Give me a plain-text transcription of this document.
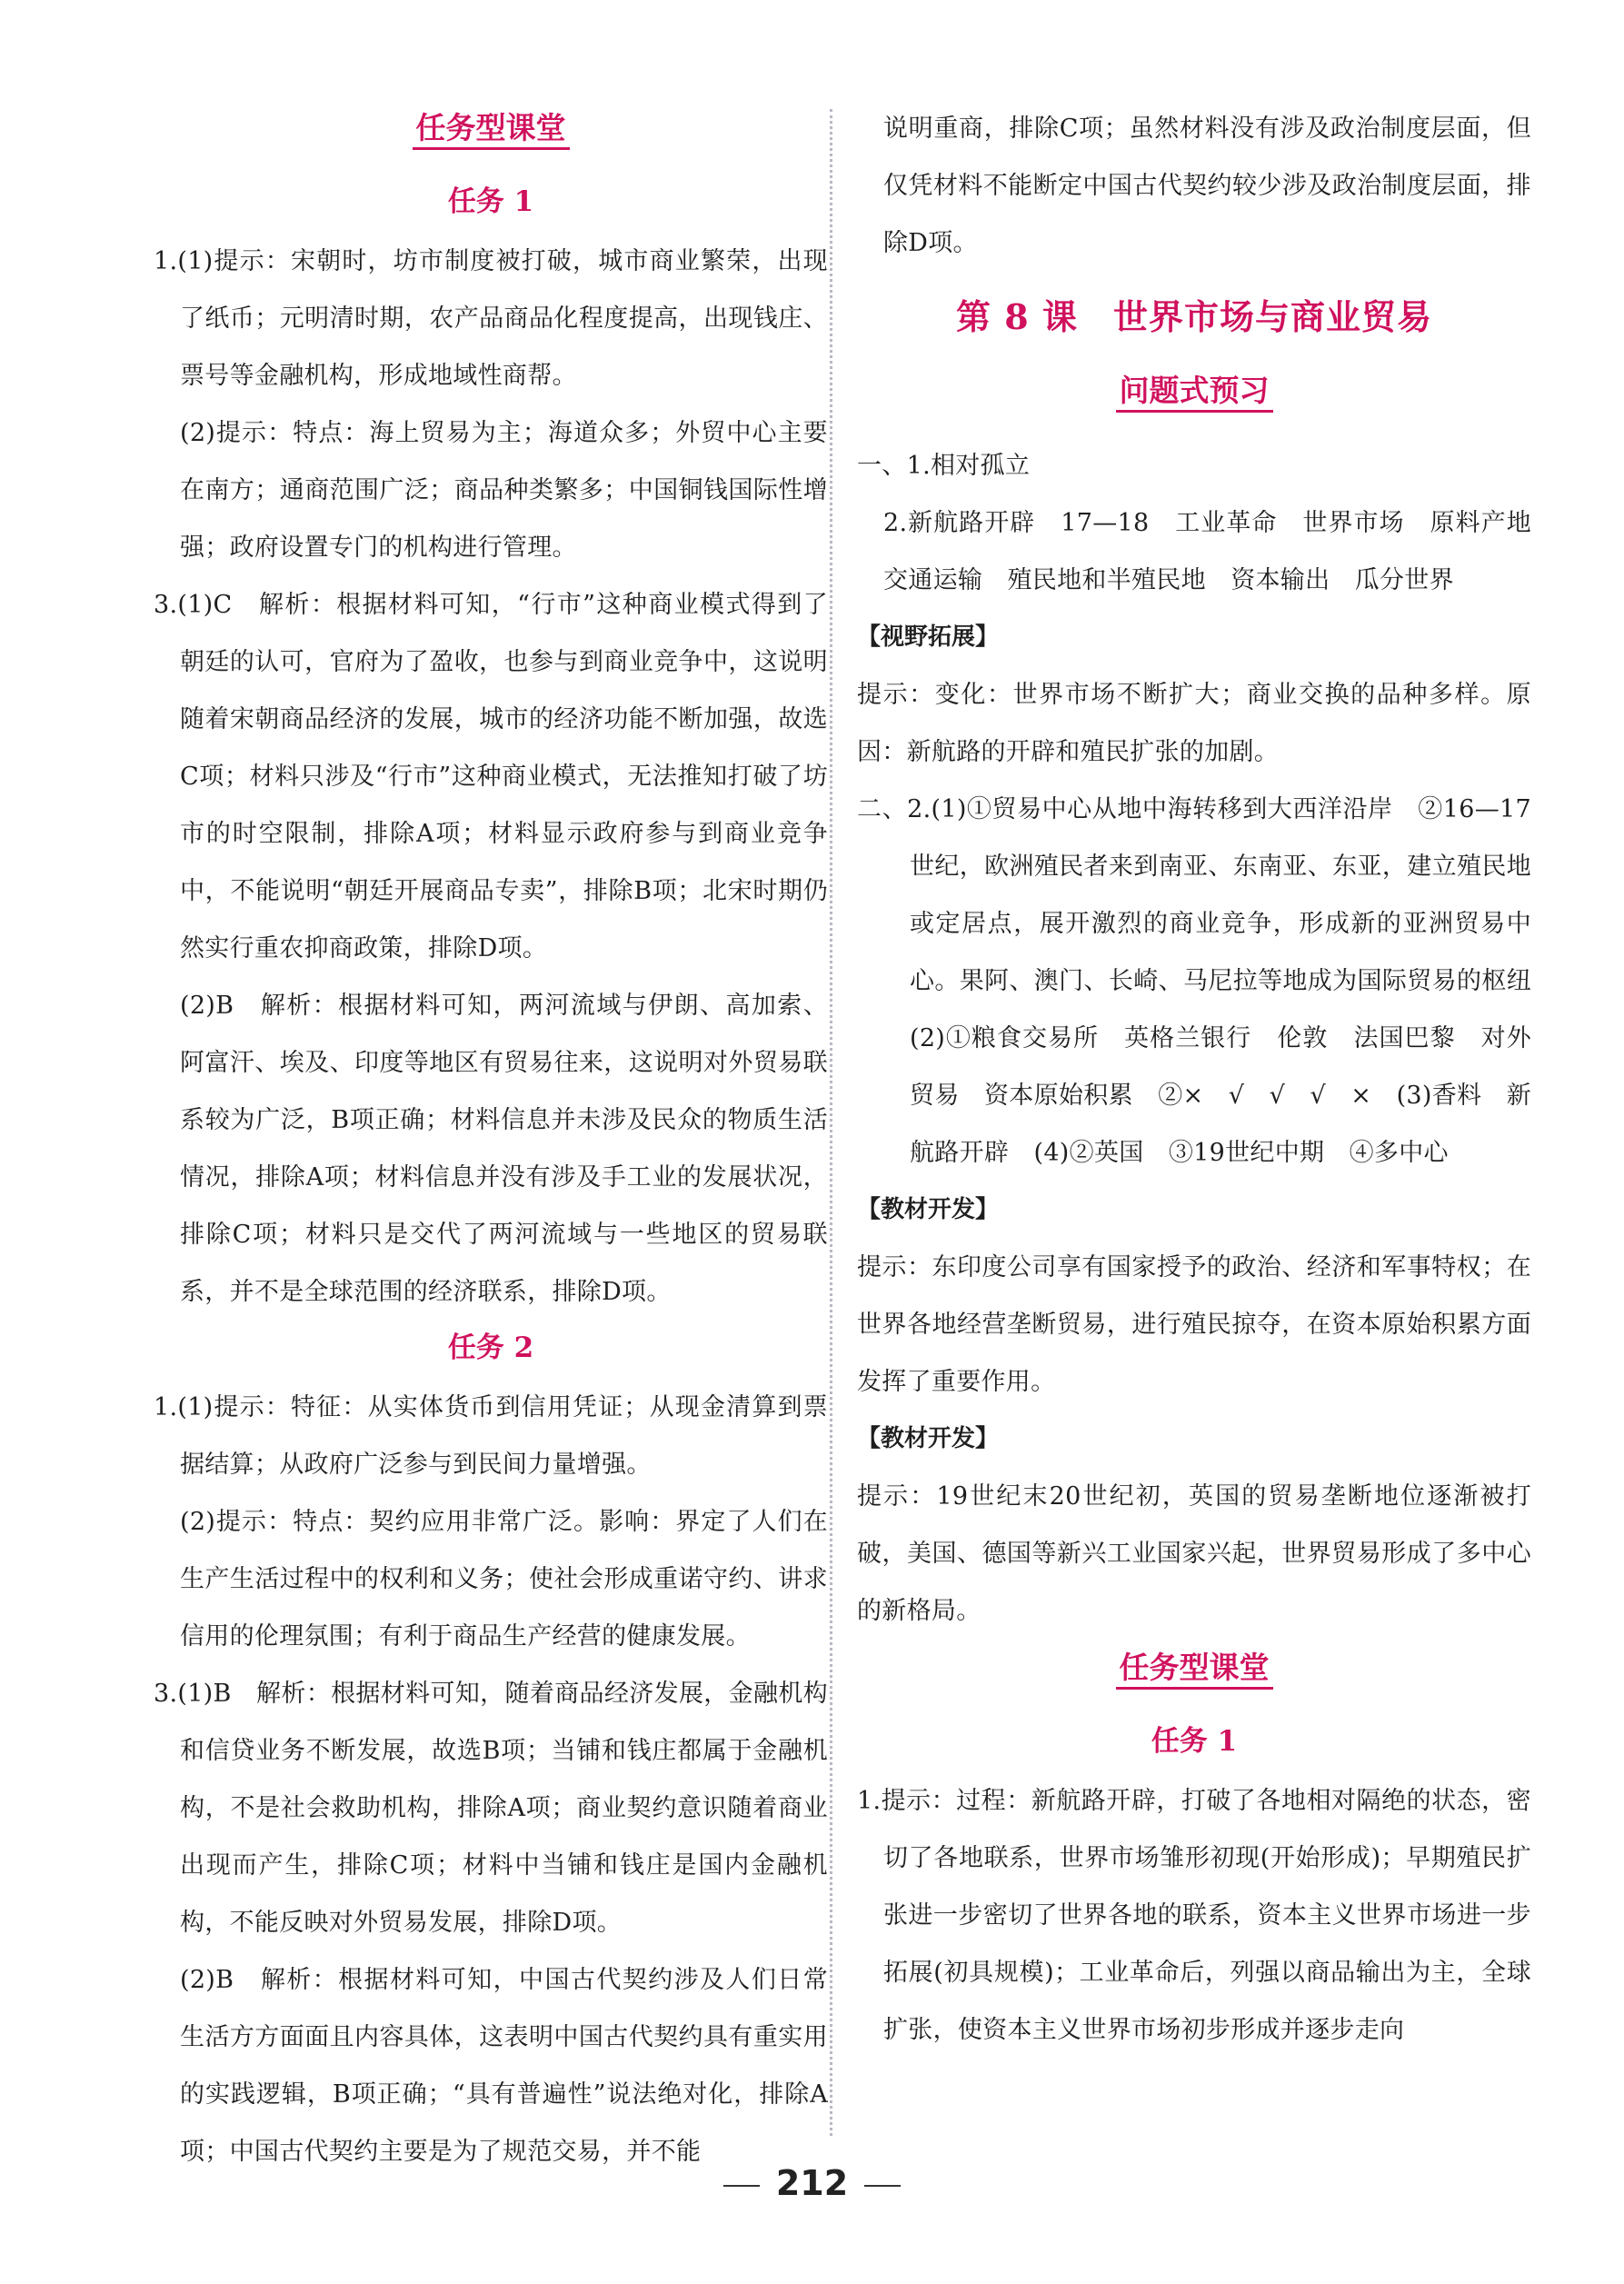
任务型课堂
任务 1

1.(1)提示：宋朝时，坊市制度被打破，城市商业繁荣，出现了纸币；元明清时期，农产品商品化程度提高，出现钱庄、票号等金融机构，形成地域性商帮。

(2)提示：特点：海上贸易为主；海道众多；外贸中心主要在南方；通商范围广泛；商品种类繁多；中国铜钱国际性增强；政府设置专门的机构进行管理。

3.(1)C　解析：根据材料可知，“行市”这种商业模式得到了朝廷的认可，官府为了盈收，也参与到商业竞争中，这说明随着宋朝商品经济的发展，城市的经济功能不断加强，故选C项；材料只涉及“行市”这种商业模式，无法推知打破了坊市的时空限制，排除A项；材料显示政府参与到商业竞争中，不能说明“朝廷开展商品专卖”，排除B项；北宋时期仍然实行重农抑商政策，排除D项。

(2)B　解析：根据材料可知，两河流域与伊朗、高加索、阿富汗、埃及、印度等地区有贸易往来，这说明对外贸易联系较为广泛，B项正确；材料信息并未涉及民众的物质生活情况，排除A项；材料信息并没有涉及手工业的发展状况，排除C项；材料只是交代了两河流域与一些地区的贸易联系，并不是全球范围的经济联系，排除D项。

任务 2

1.(1)提示：特征：从实体货币到信用凭证；从现金清算到票据结算；从政府广泛参与到民间力量增强。

(2)提示：特点：契约应用非常广泛。影响：界定了人们在生产生活过程中的权利和义务；使社会形成重诺守约、讲求信用的伦理氛围；有利于商品生产经营的健康发展。

3.(1)B　解析：根据材料可知，随着商品经济发展，金融机构和信贷业务不断发展，故选B项；当铺和钱庄都属于金融机构，不是社会救助机构，排除A项；商业契约意识随着商业出现而产生，排除C项；材料中当铺和钱庄是国内金融机构，不能反映对外贸易发展，排除D项。

(2)B　解析：根据材料可知，中国古代契约涉及人们日常生活方方面面且内容具体，这表明中国古代契约具有重实用的实践逻辑，B项正确；“具有普遍性”说法绝对化，排除A项；中国古代契约主要是为了规范交易，并不能

说明重商，排除C项；虽然材料没有涉及政治制度层面，但仅凭材料不能断定中国古代契约较少涉及政治制度层面，排除D项。

第 8 课　世界市场与商业贸易
问题式预习

一、1.相对孤立

2.新航路开辟　17—18　工业革命　世界市场　原料产地　交通运输　殖民地和半殖民地　资本输出　瓜分世界

【视野拓展】

提示：变化：世界市场不断扩大；商业交换的品种多样。原因：新航路的开辟和殖民扩张的加剧。

二、2.(1)①贸易中心从地中海转移到大西洋沿岸　②16—17世纪，欧洲殖民者来到南亚、东南亚、东亚，建立殖民地或定居点，展开激烈的商业竞争，形成新的亚洲贸易中心。果阿、澳门、长崎、马尼拉等地成为国际贸易的枢纽　(2)①粮食交易所　英格兰银行　伦敦　法国巴黎　对外贸易　资本原始积累　②×　√　√　√　×　(3)香料　新航路开辟　(4)②英国　③19世纪中期　④多中心

【教材开发】

提示：东印度公司享有国家授予的政治、经济和军事特权；在世界各地经营垄断贸易，进行殖民掠夺，在资本原始积累方面发挥了重要作用。

【教材开发】

提示：19世纪末20世纪初，英国的贸易垄断地位逐渐被打破，美国、德国等新兴工业国家兴起，世界贸易形成了多中心的新格局。

任务型课堂
任务 1

1.提示：过程：新航路开辟，打破了各地相对隔绝的状态，密切了各地联系，世界市场雏形初现(开始形成)；早期殖民扩张进一步密切了世界各地的联系，资本主义世界市场进一步拓展(初具规模)；工业革命后，列强以商品输出为主，全球扩张，使资本主义世界市场初步形成并逐步走向

212
